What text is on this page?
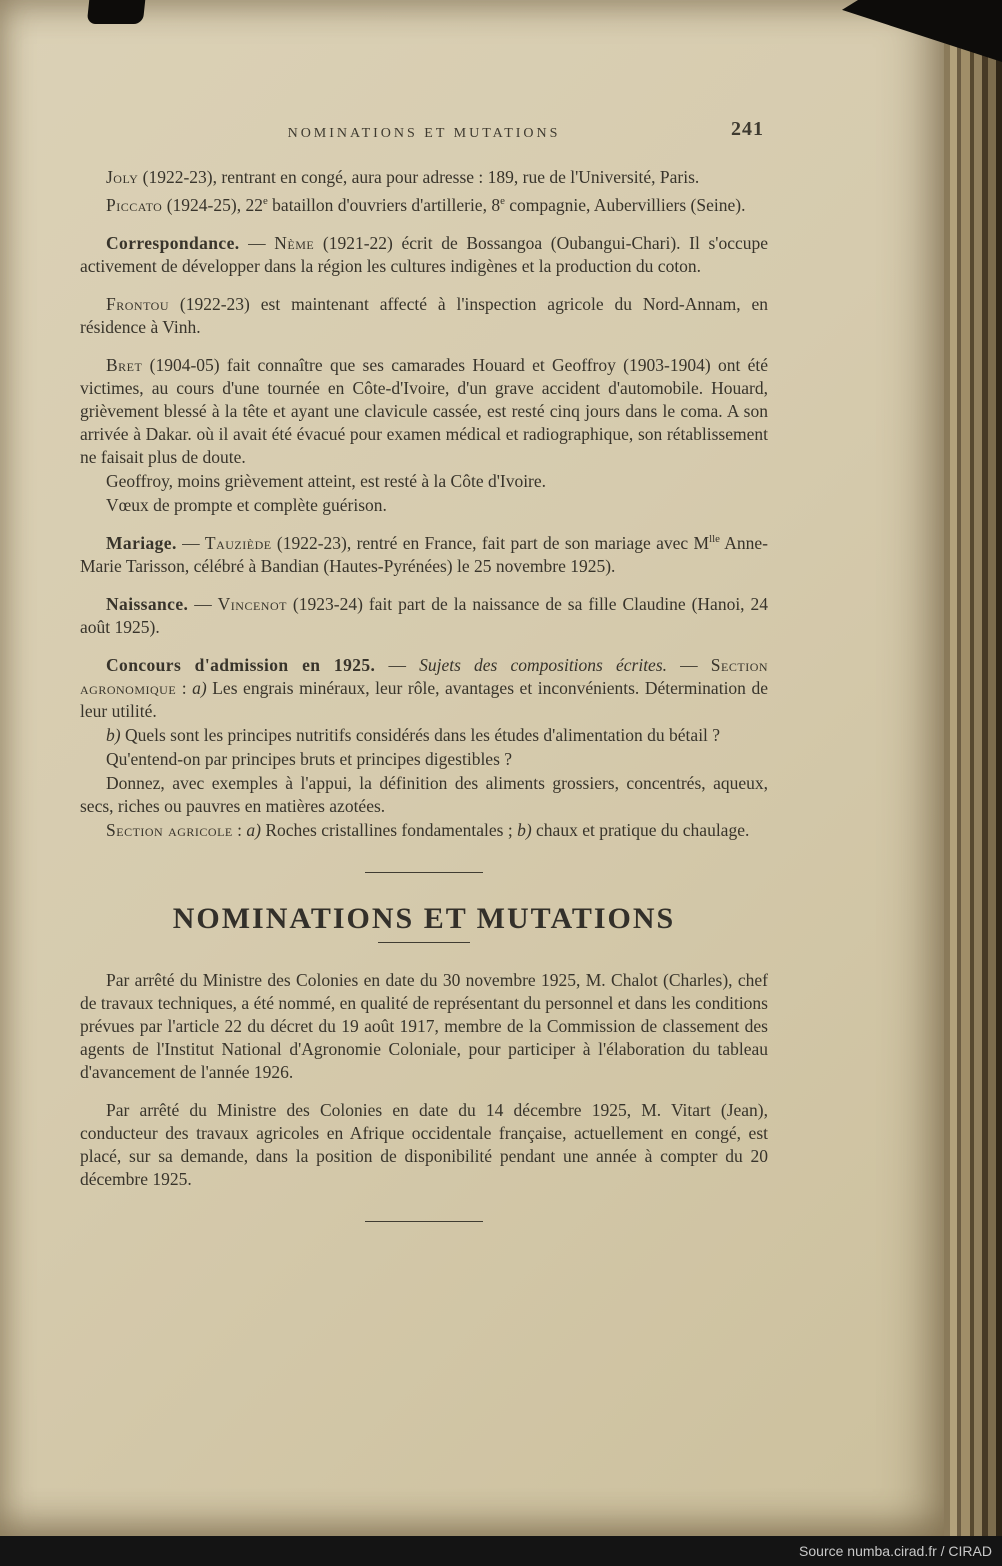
NOMINATIONS ET MUTATIONS	241

Joly (1922-23), rentrant en congé, aura pour adresse : 189, rue de l'Université, Paris.

Piccato (1924-25), 22e bataillon d'ouvriers d'artillerie, 8e compagnie, Aubervilliers (Seine).

Correspondance. — Nème (1921-22) écrit de Bossangoa (Oubangui-Chari). Il s'occupe activement de développer dans la région les cultures indigènes et la production du coton.

Frontou (1922-23) est maintenant affecté à l'inspection agricole du Nord-Annam, en résidence à Vinh.

Bret (1904-05) fait connaître que ses camarades Houard et Geoffroy (1903-1904) ont été victimes, au cours d'une tournée en Côte-d'Ivoire, d'un grave accident d'automobile. Houard, grièvement blessé à la tête et ayant une clavicule cassée, est resté cinq jours dans le coma. A son arrivée à Dakar. où il avait été évacué pour examen médical et radiographique, son rétablissement ne faisait plus de doute.

Geoffroy, moins grièvement atteint, est resté à la Côte d'Ivoire.

Vœux de prompte et complète guérison.

Mariage. — Tauziède (1922-23), rentré en France, fait part de son mariage avec $M^{lle}$ Anne-Marie Tarisson, célébré à Bandian (Hautes-Pyrénées) le 25 novembre 1925).

Naissance. — Vincenot (1923-24) fait part de la naissance de sa fille Claudine (Hanoi, 24 août 1925).

Concours d'admission en 1925. — Sujets des compositions écrites. — Section agronomique : a) Les engrais minéraux, leur rôle, avantages et inconvénients. Détermination de leur utilité.

b) Quels sont les principes nutritifs considérés dans les études d'alimentation du bétail ?

Qu'entend-on par principes bruts et principes digestibles ?

Donnez, avec exemples à l'appui, la définition des aliments grossiers, concentrés, aqueux, secs, riches ou pauvres en matières azotées.

Section agricole : a) Roches cristallines fondamentales ; b) chaux et pratique du chaulage.

NOMINATIONS ET MUTATIONS

Par arrêté du Ministre des Colonies en date du 30 novembre 1925, M. Chalot (Charles), chef de travaux techniques, a été nommé, en qualité de représentant du personnel et dans les conditions prévues par l'article 22 du décret du 19 août 1917, membre de la Commission de classement des agents de l'Institut National d'Agronomie Coloniale, pour participer à l'élaboration du tableau d'avancement de l'année 1926.

Par arrêté du Ministre des Colonies en date du 14 décembre 1925, M. Vitart (Jean), conducteur des travaux agricoles en Afrique occidentale française, actuellement en congé, est placé, sur sa demande, dans la position de disponibilité pendant une année à compter du 20 décembre 1925.

Source numba.cirad.fr / CIRAD
